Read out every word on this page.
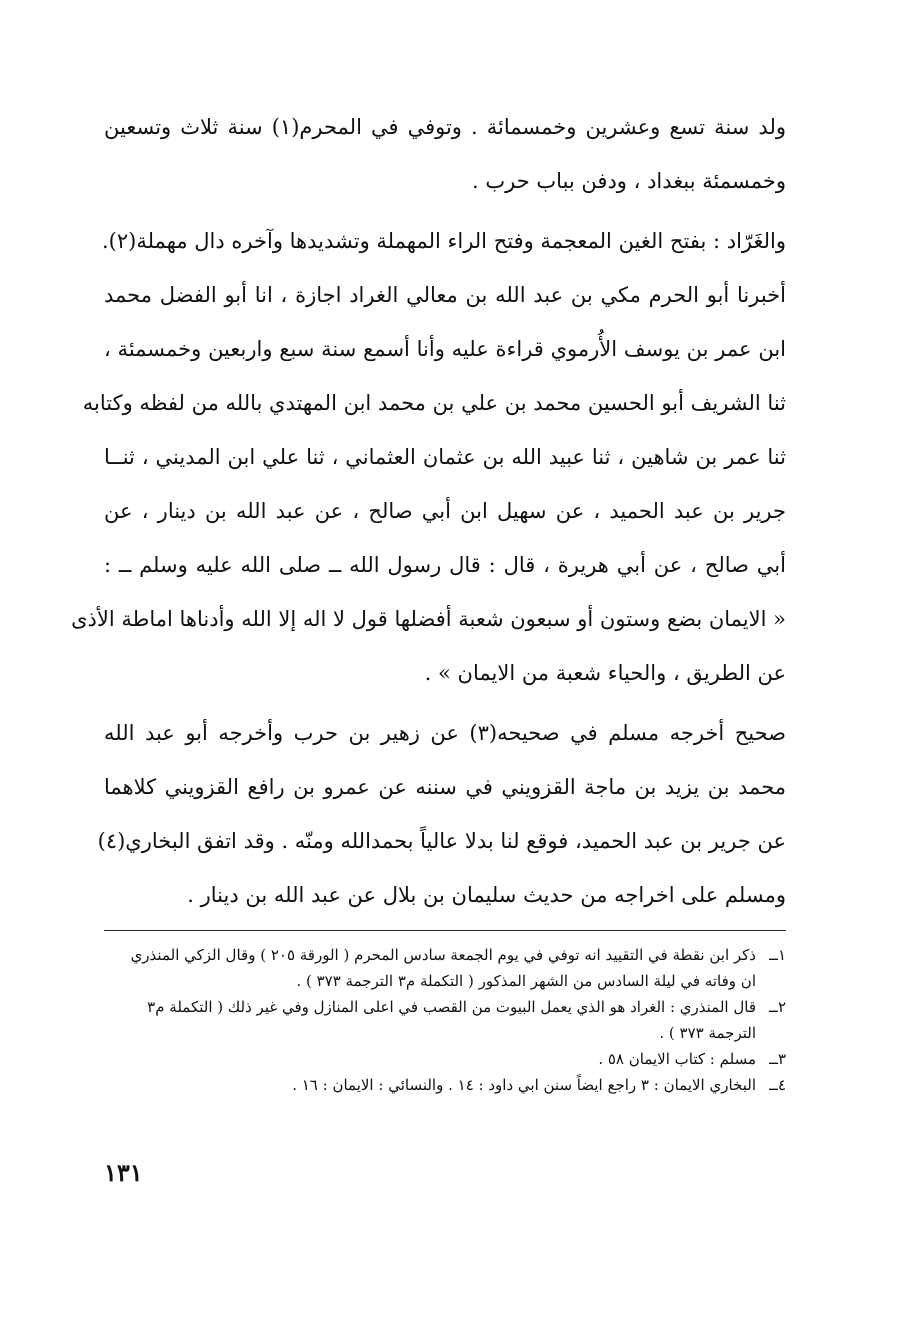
ولد سنة تسع وعشرين وخمسمائة . وتوفي في المحرم(١) سنة ثلاث وتسعين
وخمسمئة ببغداد ، ودفن بباب حرب .

والغَرّاد : بفتح الغين المعجمة وفتح الراء المهملة وتشديدها وآخره دال مهملة(٢).

أخبرنا أبو الحرم مكي بن عبد الله بن معالي الغراد اجازة ، انا أبو الفضل محمد
ابن عمر بن يوسف الأُرموي قراءة عليه وأنا أسمع سنة سبع واربعين وخمسمئة ،
ثنا الشريف أبو الحسين محمد بن علي بن محمد ابن المهتدي بالله من لفظه وكتابه
ثنا عمر بن شاهين ، ثنا عبيد الله بن عثمان العثماني ، ثنا علي ابن المديني ، ثنــا
جرير بن عبد الحميد ، عن سهيل ابن أبي صالح ، عن عبد الله بن دينار ، عن
أبي صالح ، عن أبي هريرة ، قال : قال رسول الله ــ صلى الله عليه وسلم ــ :
« الايمان بضع وستون أو سبعون شعبة أفضلها قول لا اله إلا الله وأدناها اماطة الأذى
عن الطريق ، والحياء شعبة من الايمان » .

صحيح أخرجه مسلم في صحيحه(٣) عن زهير بن حرب وأخرجه أبو عبد الله
محمد بن يزيد بن ماجة القزويني في سننه عن عمرو بن رافع القزويني كلاهما
عن جرير بن عبد الحميد، فوقع لنا بدلا عالياً بحمدالله ومنّه . وقد اتفق البخاري(٤)
ومسلم على اخراجه من حديث سليمان بن بلال عن عبد الله بن دينار .

١ــ
ذكر ابن نقطة في التقييد انه توفي في يوم الجمعة سادس المحرم ( الورقة ٢٠٥ ) وقال الزكي المنذري
ان وفاته في ليلة السادس من الشهر المذكور ( التكملة م٣ الترجمة ٣٧٣ ) .
٢ــ
قال المنذري : الغراد هو الذي يعمل البيوت من القصب في اعلى المنازل وفي غير ذلك ( التكملة م٣
الترجمة ٣٧٣ ) .
٣ــ
مسلم : كتاب الايمان ٥٨ .
٤ــ
البخاري الايمان : ٣ راجع ايضاً سنن ابي داود : ١٤ . والنسائي : الايمان : ١٦ .
١٣١
